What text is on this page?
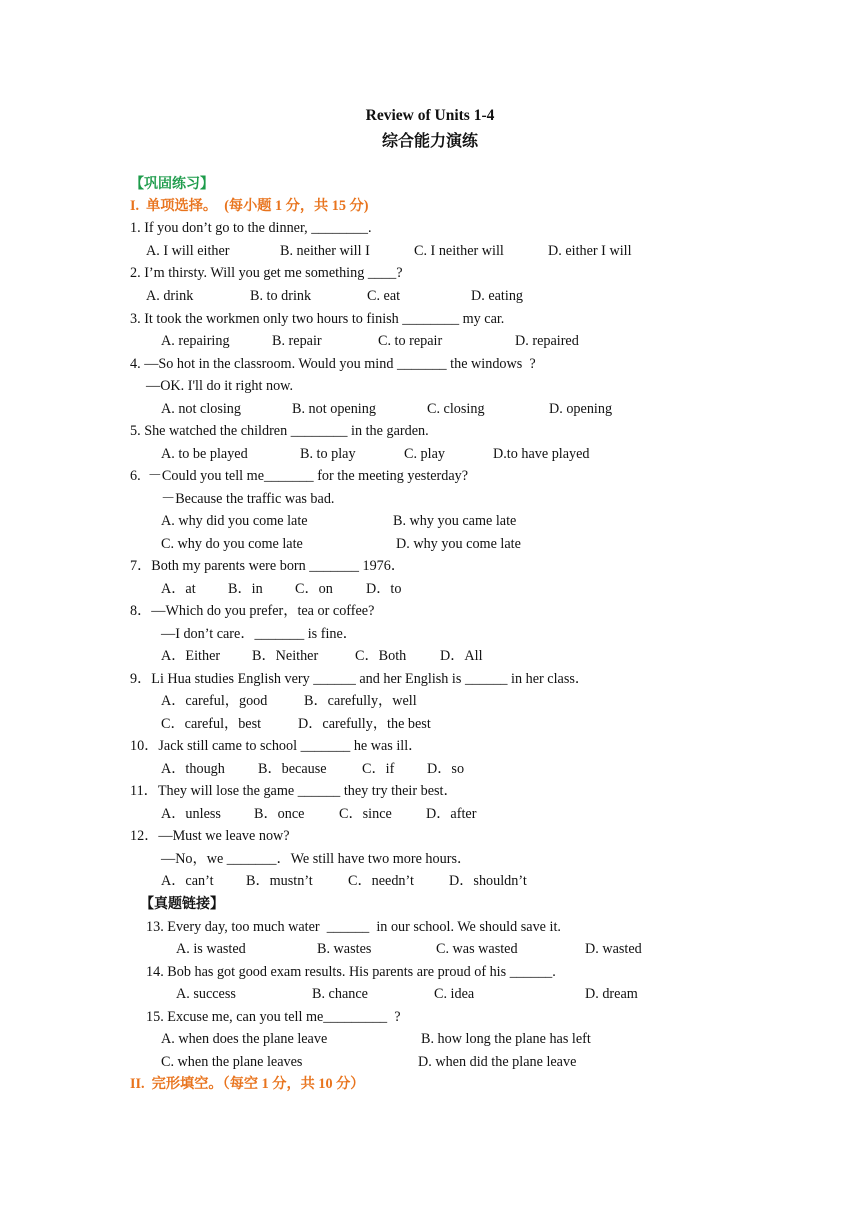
Review of Units 1-4
综合能力演练
【巩固练习】
I.  单项选择。  (每小题 1 分，共 15 分)
1. If you don’t go to the dinner, ________.
A. I will either	B. neither will I	C. I neither will	D. either I will
2. I’m thirsty. Will you get me something ____?
A. drink	B. to drink	C. eat	D. eating
3. It took the workmen only two hours to finish ________ my car.
A. repairing	B. repair	C. to repair	D. repaired
4. —So hot in the classroom. Would you mind _______ the windows  ?
—OK. I'll do it right now.
A. not closing	B. not opening	C. closing	D. opening
5. She watched the children ________ in the garden.
A. to be played	B. to play	C. play	D.to have played
6.  －Could you tell me_______ for the meeting yesterday?
－Because the traffic was bad.
A. why did you come late	B. why you came late
C. why do you come late	D. why you come late
7．Both my parents were born _______ 1976．
A．at B．in C．on D．to
8．—Which do you prefer，tea or coffee?
—I don’t care．_______ is fine．
A．Either B．Neither	C．Both D．All
9．Li Hua studies English very ______ and her English is ______ in her class．
A．careful，good	B．carefully，well
C．careful，best	D．carefully，the best
10．Jack still came to school _______ he was ill．
A．though B．because C．if D．so
11．They will lose the game ______ they try their best．
A．unless B．once C．since D．after
12．—Must we leave now?
—No，we _______．We still have two more hours．
A．can’t B．mustn’t C．needn’t D．shouldn’t
【真题链接】
13. Every day, too much water  ______  in our school. We should save it.
A. is wasted	B. wastes	C. was wasted	D. wasted
14. Bob has got good exam results. His parents are proud of his ______.
A. success	B. chance	C. idea	D. dream
15. Excuse me, can you tell me_________  ?
A. when does the plane leave	B. how long the plane has left
C. when the plane leaves	D. when did the plane leave
II.  完形填空。（每空 1 分，共 10 分）
